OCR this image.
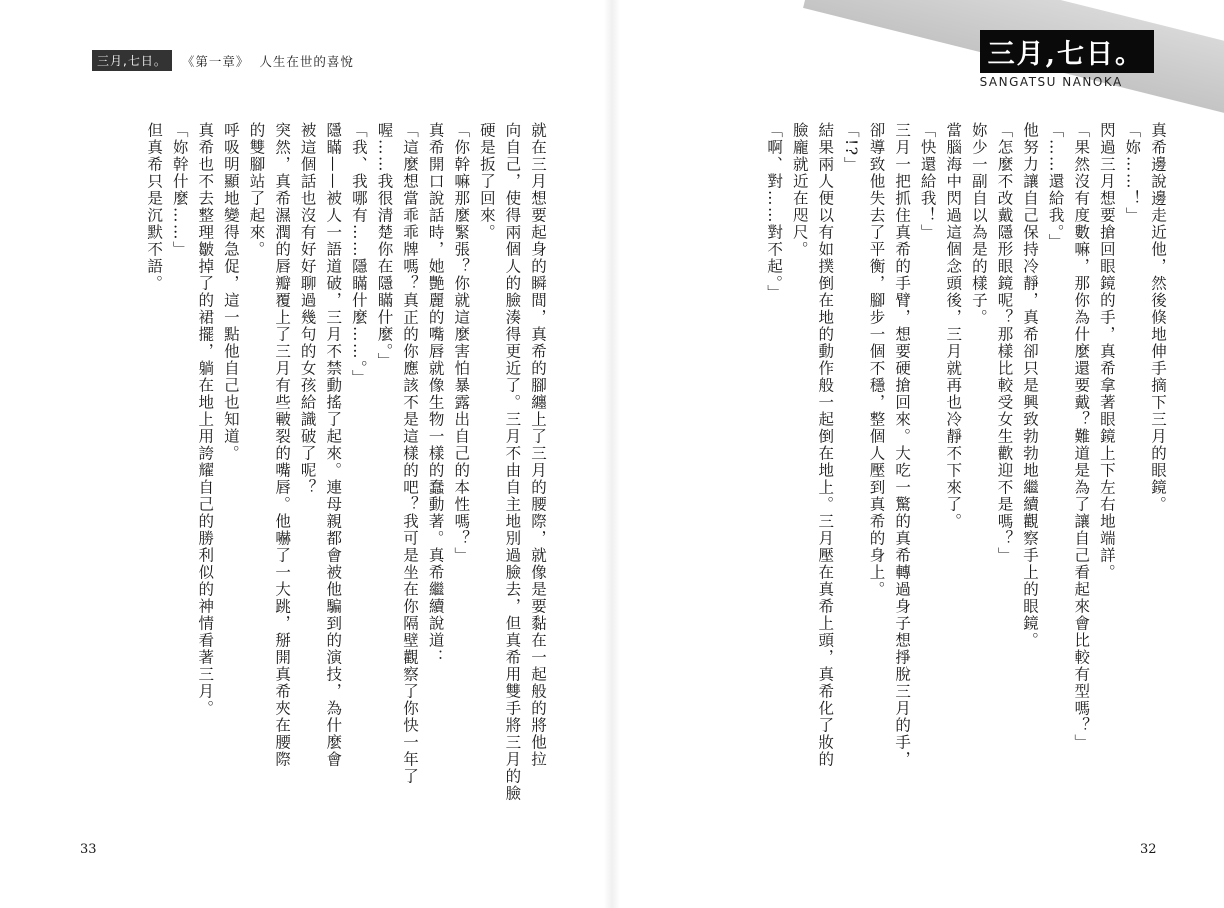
三月,七日。	《第一章》 人生在世的喜悅	三月,七日。
SANGATSU NANOKA

真希邊說邊走近他，然後倏地伸手摘下三月的眼鏡。

「妳……！」

閃過三月想要搶回眼鏡的手，真希拿著眼鏡上下左右地端詳。

「果然沒有度數嘛，那你為什麼還要戴？難道是為了讓自己看起來會比較有型嗎？」

「……還給我。」

他努力讓自己保持冷靜，真希卻只是興致勃勃地繼續觀察手上的眼鏡。

「怎麼不改戴隱形眼鏡呢？那樣比較受女生歡迎不是嗎？」

妳少一副自以為是的樣子。

當腦海中閃過這個念頭後，三月就再也冷靜不下來了。

「快還給我！」

三月一把抓住真希的手臂，想要硬搶回來。大吃一驚的真希轉過身子想掙脫三月的手，

卻導致他失去了平衡，腳步一個不穩，整個人壓到真希的身上。

「!?」

結果兩人便以有如撲倒在地的動作般一起倒在地上。三月壓在真希上頭，真希化了妝的

臉龐就近在咫尺。

「啊、對……對不起。」

就在三月想要起身的瞬間，真希的腳纏上了三月的腰際，就像是要黏在一起般的將他拉

向自己，使得兩個人的臉湊得更近了。三月不由自主地別過臉去，但真希用雙手將三月的臉

硬是扳了回來。

「你幹嘛那麼緊張？你就這麼害怕暴露出自己的本性嗎？」

真希開口說話時，她艷麗的嘴唇就像生物一樣的蠢動著。真希繼續說道：

「這麼想當乖乖牌嗎？真正的你應該不是這樣的吧？我可是坐在你隔壁觀察了你快一年了

喔……我很清楚你在隱瞞什麼。」

「我、我哪有……隱瞞什麼……。」

隱瞞——被人一語道破，三月不禁動搖了起來。連母親都會被他騙到的演技，為什麼會

被這個話也沒有好好聊過幾句的女孩給識破了呢？

突然，真希濕潤的唇瓣覆上了三月有些皸裂的嘴唇。他嚇了一大跳，掰開真希夾在腰際

的雙腳站了起來。

呼吸明顯地變得急促，這一點他自己也知道。

真希也不去整理皺掉了的裙擺，躺在地上用誇耀自己的勝利似的神情看著三月。

「妳幹什麼……」

但真希只是沉默不語。

33	32
